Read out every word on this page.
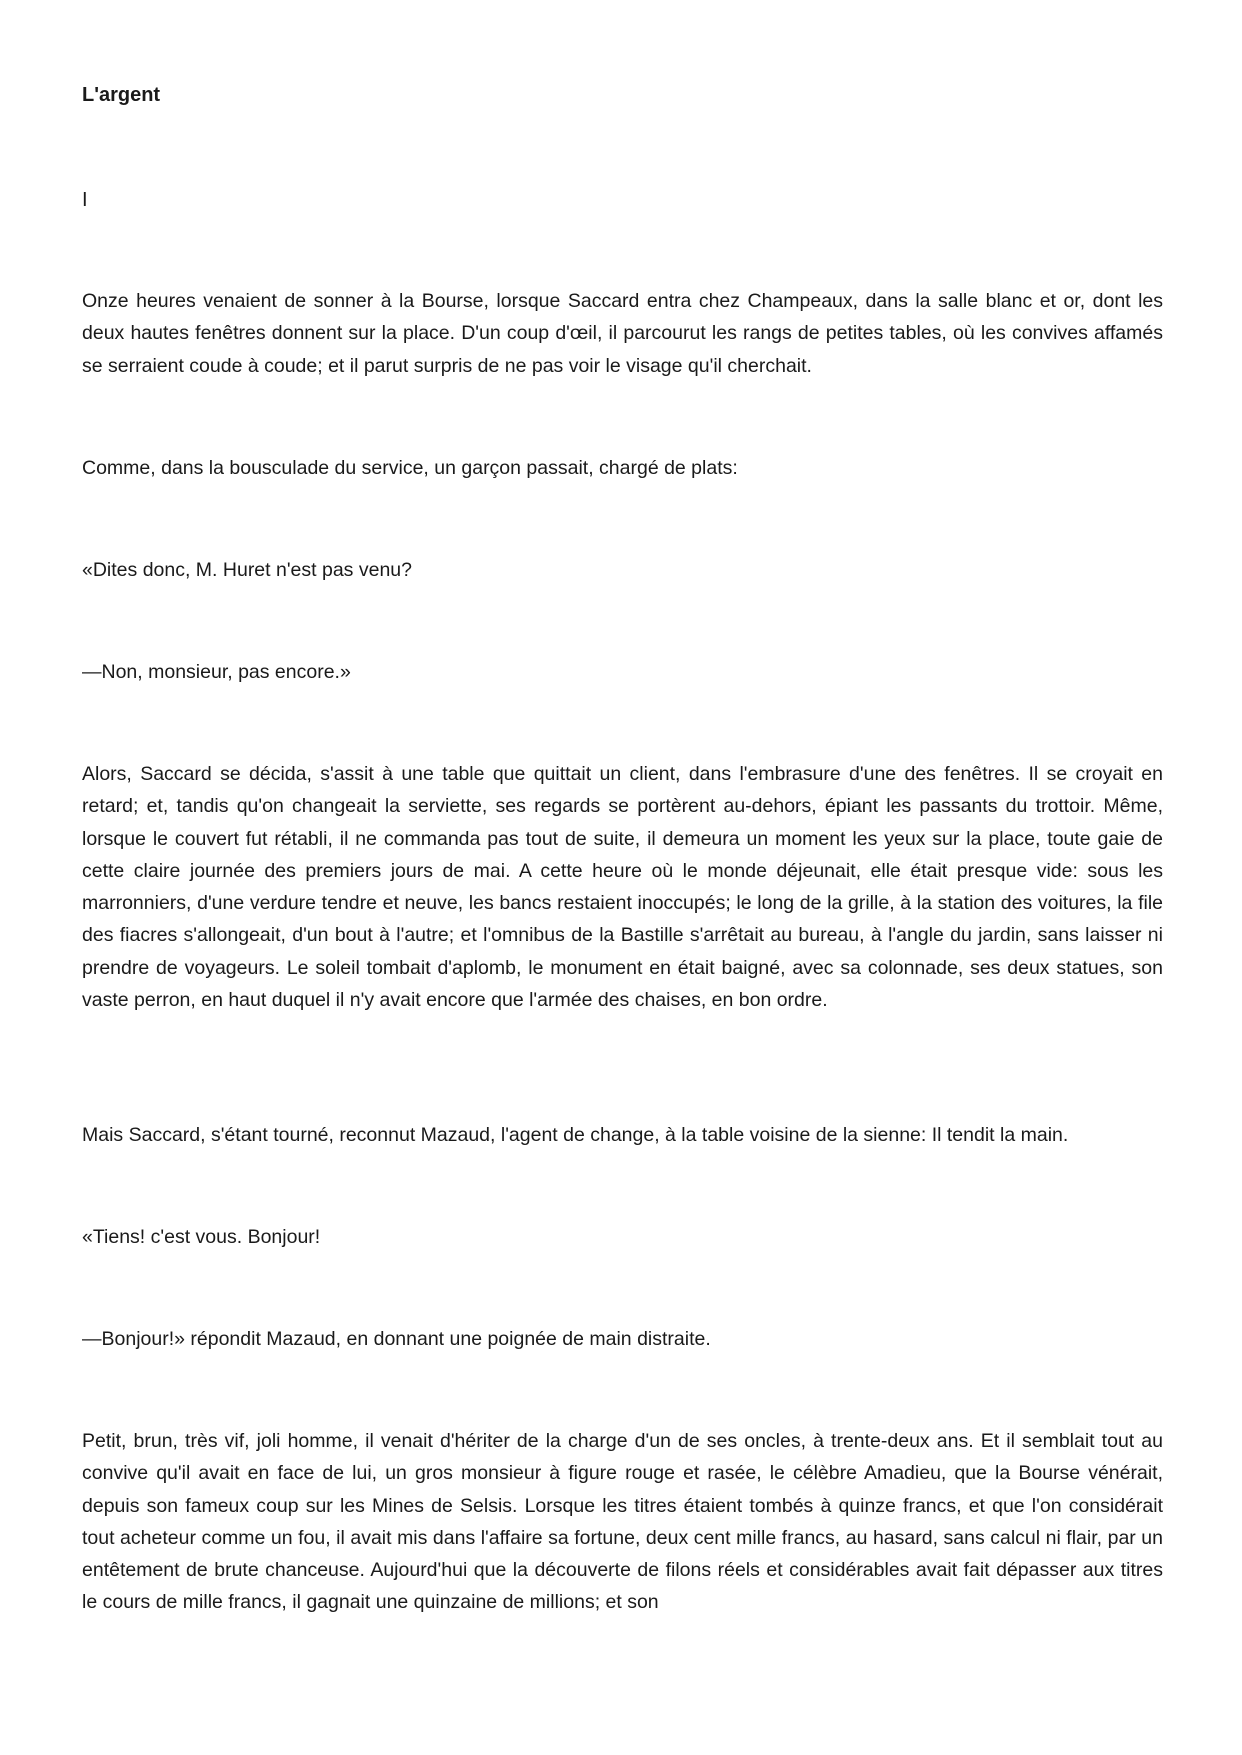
L'argent

I

Onze heures venaient de sonner à la Bourse, lorsque Saccard entra chez Champeaux, dans la salle blanc et or, dont les deux hautes fenêtres donnent sur la place. D'un coup d'œil, il parcourut les rangs de petites tables, où les convives affamés se serraient coude à coude; et il parut surpris de ne pas voir le visage qu'il cherchait.

Comme, dans la bousculade du service, un garçon passait, chargé de plats:

«Dites donc, M. Huret n'est pas venu?

—Non, monsieur, pas encore.»

Alors, Saccard se décida, s'assit à une table que quittait un client, dans l'embrasure d'une des fenêtres. Il se croyait en retard; et, tandis qu'on changeait la serviette, ses regards se portèrent au-dehors, épiant les passants du trottoir. Même, lorsque le couvert fut rétabli, il ne commanda pas tout de suite, il demeura un moment les yeux sur la place, toute gaie de cette claire journée des premiers jours de mai. A cette heure où le monde déjeunait, elle était presque vide: sous les marronniers, d'une verdure tendre et neuve, les bancs restaient inoccupés; le long de la grille, à la station des voitures, la file des fiacres s'allongeait, d'un bout à l'autre; et l'omnibus de la Bastille s'arrêtait au bureau, à l'angle du jardin, sans laisser ni prendre de voyageurs. Le soleil tombait d'aplomb, le monument en était baigné, avec sa colonnade, ses deux statues, son vaste perron, en haut duquel il n'y avait encore que l'armée des chaises, en bon ordre.

Mais Saccard, s'étant tourné, reconnut Mazaud, l'agent de change, à la table voisine de la sienne: Il tendit la main.

«Tiens! c'est vous. Bonjour!

—Bonjour!» répondit Mazaud, en donnant une poignée de main distraite.

Petit, brun, très vif, joli homme, il venait d'hériter de la charge d'un de ses oncles, à trente-deux ans. Et il semblait tout au convive qu'il avait en face de lui, un gros monsieur à figure rouge et rasée, le célèbre Amadieu, que la Bourse vénérait, depuis son fameux coup sur les Mines de Selsis. Lorsque les titres étaient tombés à quinze francs, et que l'on considérait tout acheteur comme un fou, il avait mis dans l'affaire sa fortune, deux cent mille francs, au hasard, sans calcul ni flair, par un entêtement de brute chanceuse. Aujourd'hui que la découverte de filons réels et considérables avait fait dépasser aux titres le cours de mille francs, il gagnait une quinzaine de millions; et son
